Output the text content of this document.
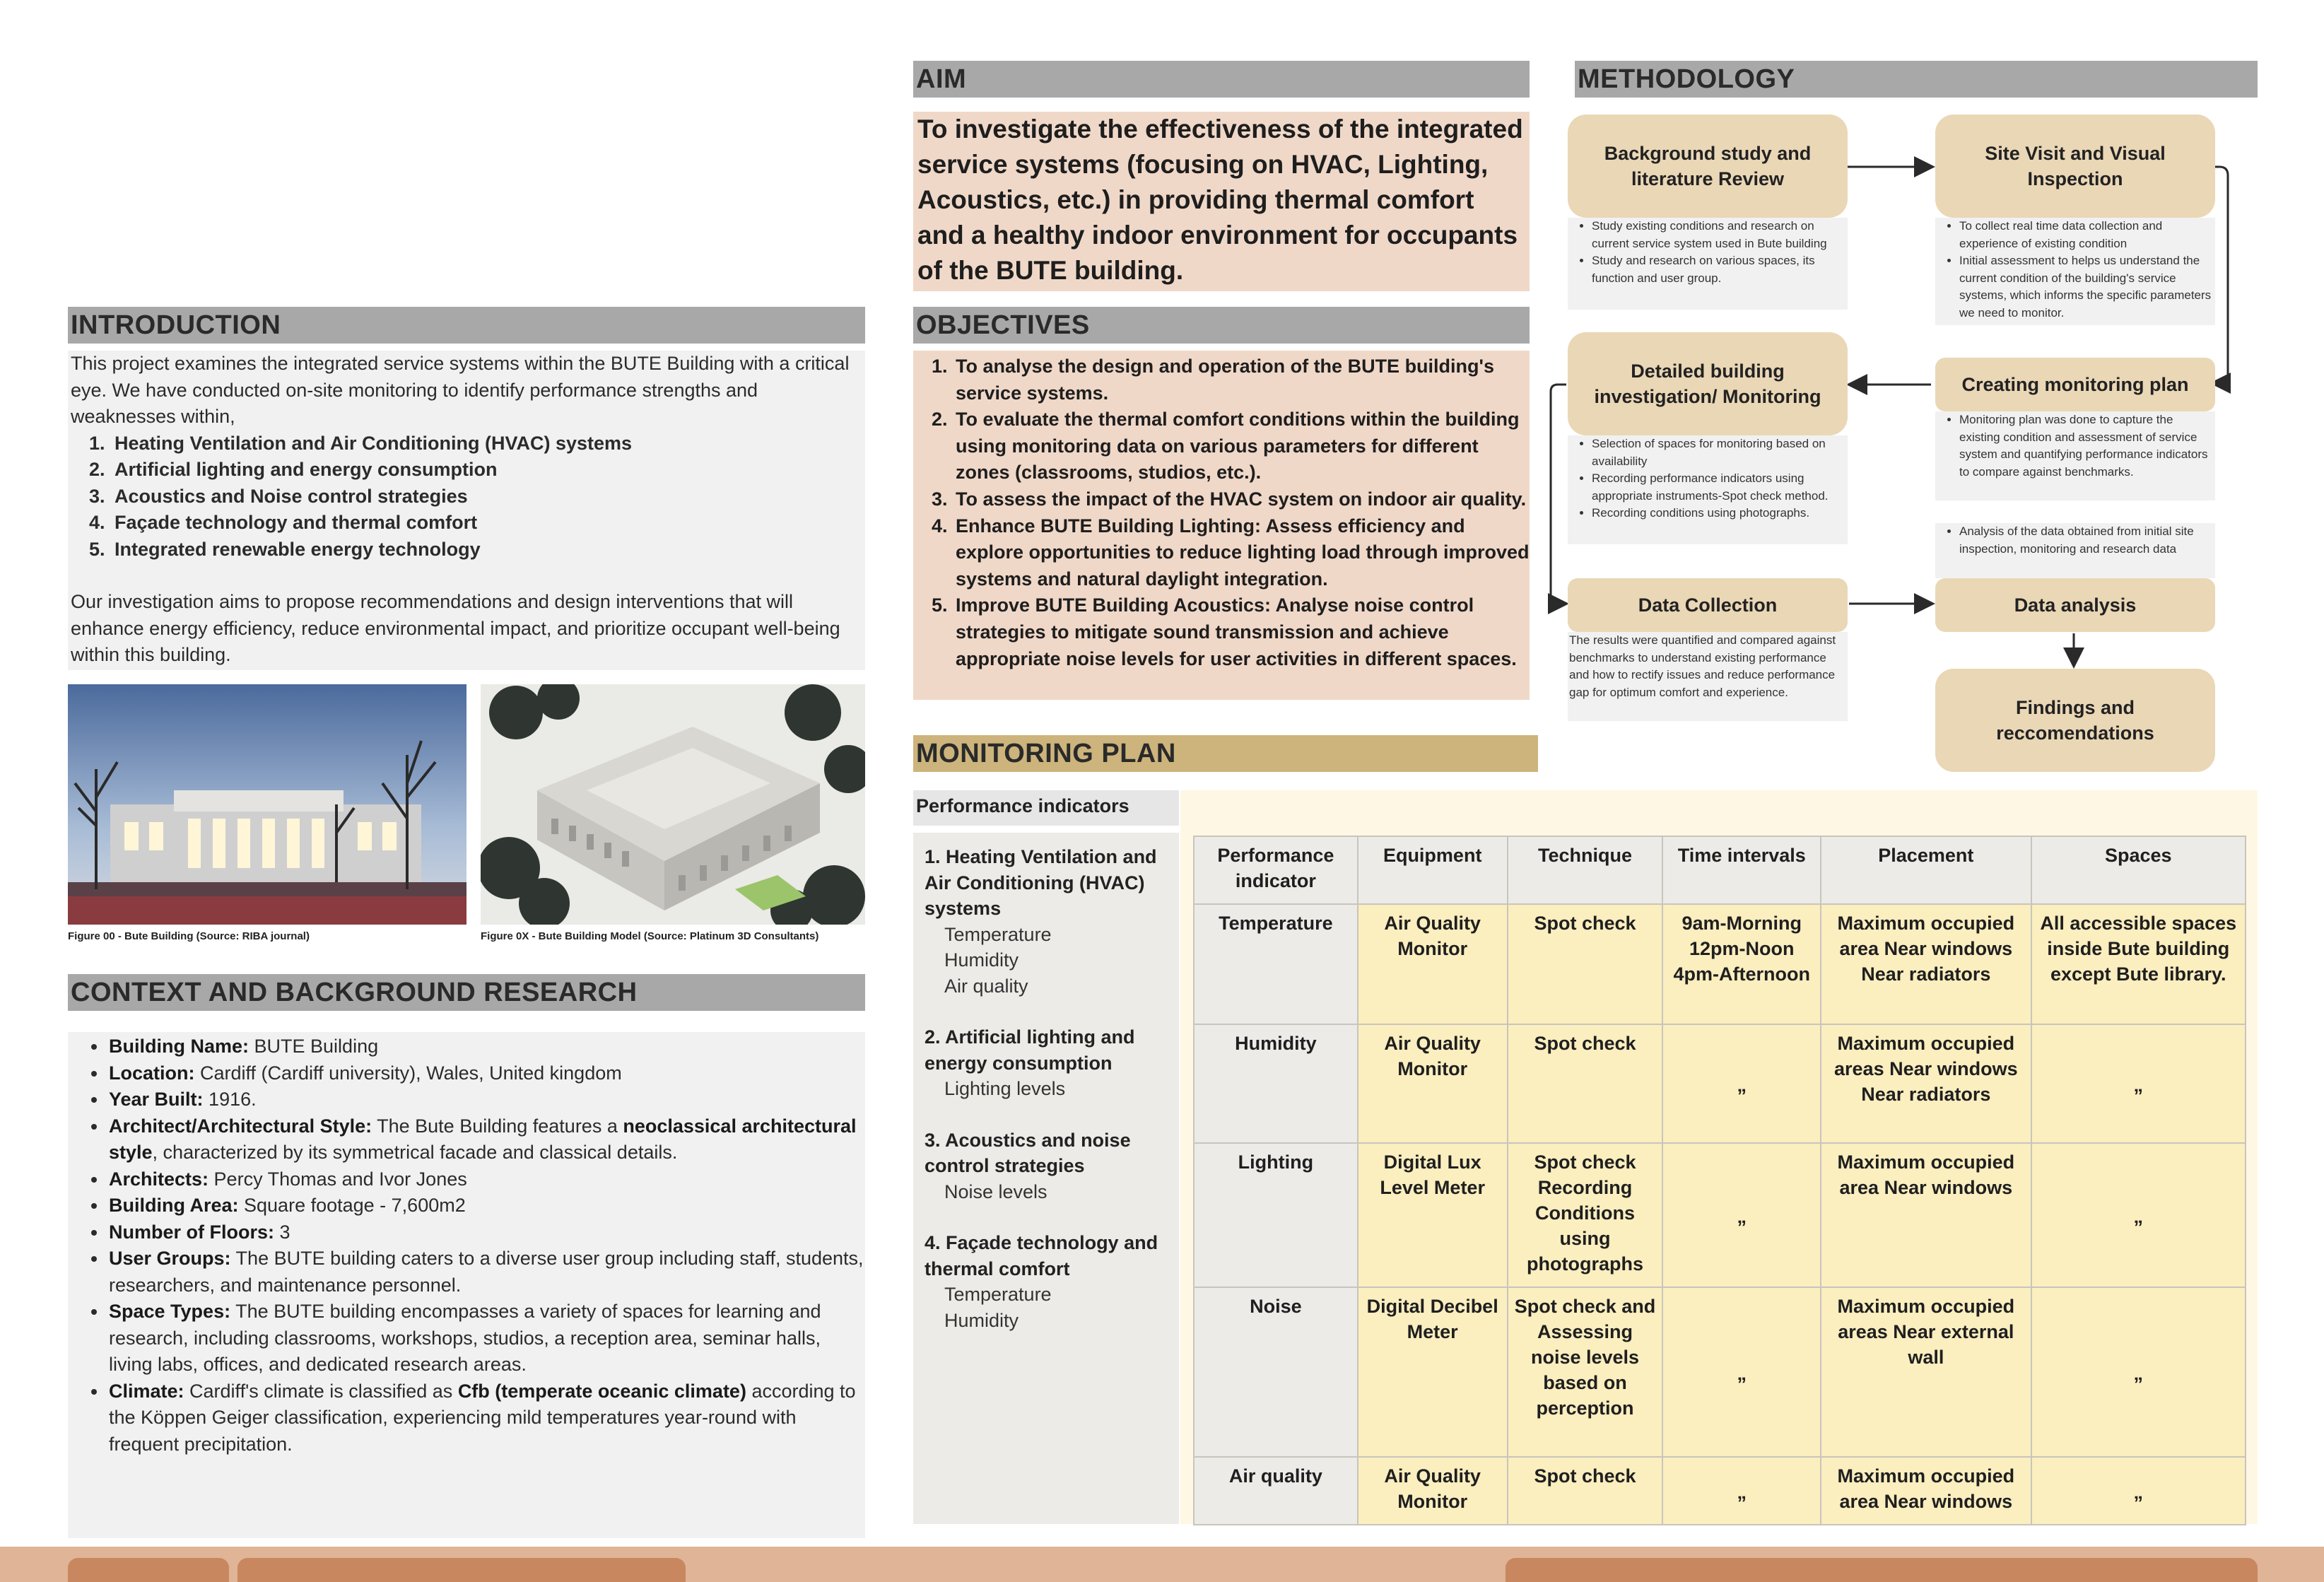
INTRODUCTION

This project examines the integrated service systems within the BUTE Building with a critical eye. We have conducted on-site monitoring to identify performance strengths and weaknesses within,

1. Heating Ventilation and Air Conditioning (HVAC) systems
2. Artificial lighting and energy consumption
3. Acoustics and Noise control strategies
4. Façade technology and thermal comfort
5. Integrated renewable energy technology

Our investigation aims to propose recommendations and design interventions that will enhance energy efficiency, reduce environmental impact, and prioritize occupant well-being within this building.

Figure 00 - Bute Building (Source: RIBA journal)	Figure 0X - Bute Building Model (Source: Platinum 3D Consultants)
CONTEXT AND BACKGROUND RESEARCH
• Building Name: BUTE Building
• Location: Cardiff (Cardiff university), Wales, United kingdom
• Year Built: 1916.
• Architect/Architectural Style: The Bute Building features a neoclassical architectural style, characterized by its symmetrical facade and classical details.
• Architects: Percy Thomas and Ivor Jones
• Building Area: Square footage - 7,600m2
• Number of Floors: 3
• User Groups: The BUTE building caters to a diverse user group including staff, students, researchers, and maintenance personnel.
• Space Types: The BUTE building encompasses a variety of spaces for learning and research, including classrooms, workshops, studios, a reception area, seminar halls, living labs, offices, and dedicated research areas.
• Climate: Cardiff's climate is classified as Cfb (temperate oceanic climate) according to the Köppen Geiger classification, experiencing mild temperatures year-round with frequent precipitation.
AIM
To investigate the effectiveness of the integrated service systems (focusing on HVAC, Lighting, Acoustics, etc.) in providing thermal comfort and a healthy indoor environment for occupants of the BUTE building.
OBJECTIVES
1. To analyse the design and operation of the BUTE building's service systems.
2. To evaluate the thermal comfort conditions within the building using monitoring data on various parameters for different zones (classrooms, studios, etc.).
3. To assess the impact of the HVAC system on indoor air quality.
4. Enhance BUTE Building Lighting: Assess efficiency and explore opportunities to reduce lighting load through improved systems and natural daylight integration.
5. Improve BUTE Building Acoustics: Analyse noise control strategies to mitigate sound transmission and achieve appropriate noise levels for user activities in different spaces.
METHODOLOGY
Background study and literature Review
• Study existing conditions and research on current service system used in Bute building
• Study and research on various spaces, its function and user group.
Site Visit and Visual Inspection
• To collect real time data collection and experience of existing condition
• Initial assessment to helps us understand the current condition of the building's service systems, which informs the specific parameters we need to monitor.
Detailed building investigation/ Monitoring
• Selection of spaces for monitoring based on availability
• Recording performance indicators using appropriate instruments-Spot check method.
• Recording conditions using photographs.
Creating monitoring plan
• Monitoring plan was done to capture the existing condition and assessment of service system and quantifying performance indicators to compare against benchmarks.
• Analysis of the data obtained from initial site inspection, monitoring and research data
Data Collection

The results were quantified and compared against benchmarks to understand existing performance and how to rectify issues and reduce performance gap for optimum comfort and experience.

Data analysis
Findings and reccomendations
MONITORING PLAN
Performance indicators
1. Heating Ventilation and Air Conditioning (HVAC) systems
Temperature
Humidity
Air quality
2. Artificial lighting and energy consumption
Lighting levels
3. Acoustics and noise control strategies
Noise levels
4. Façade technology and thermal comfort
Temperature
Humidity
Performance indicator	Equipment	Technique	Time intervals	Placement	Spaces
Temperature	Air Quality Monitor	Spot check	9am-Morning 12pm-Noon 4pm-Afternoon	Maximum occupied area Near windows Near radiators	All accessible spaces inside Bute building except Bute library.
Humidity	Air Quality Monitor	Spot check	„	Maximum occupied areas Near windows Near radiators	„
Lighting	Digital Lux Level Meter	Spot check Recording Conditions using photographs	„	Maximum occupied area Near windows	„
Noise	Digital Decibel Meter	Spot check and Assessing noise levels based on perception	„	Maximum occupied areas Near external wall	„
Air quality	Air Quality Monitor	Spot check	„	Maximum occupied area Near windows	„
